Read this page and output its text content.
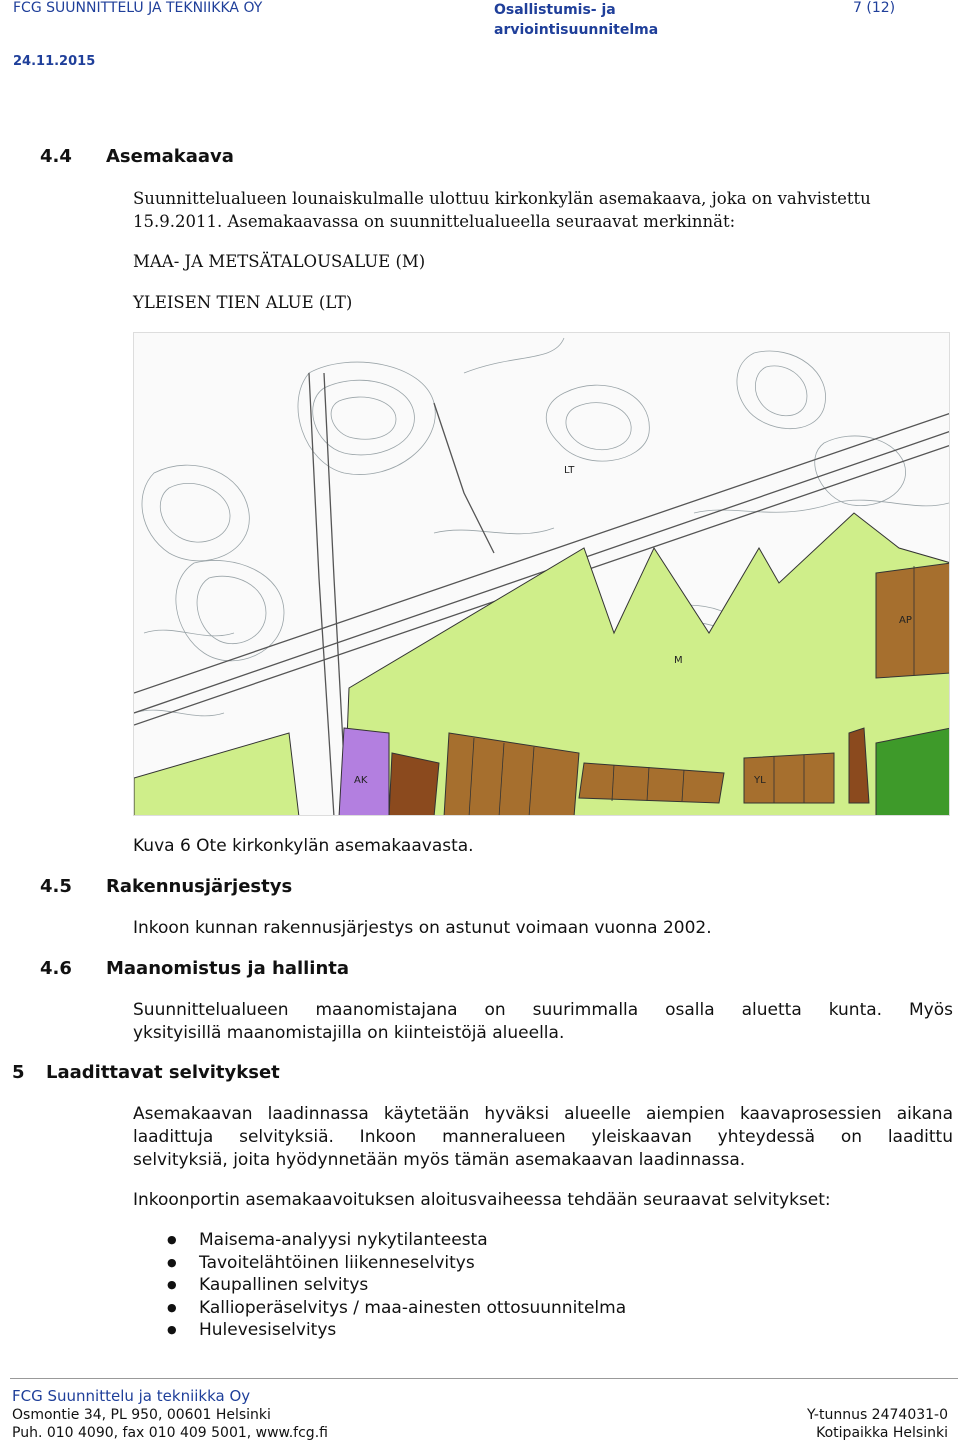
FCG SUUNNITTELU JA TEKNIIKKA OY	Osallistumis- ja
arviointisuunnitelma
7 (12)
24.11.2015
4.4 Asemakaava
Suunnittelualueen lounaiskulmalle ulottuu kirkonkylän asemakaava, joka on vahvistettu
15.9.2011. Asemakaavassa on suunnittelualueella seuraavat merkinnät:
MAA- JA METSÄTALOUSALUE (M)
YLEISEN TIEN ALUE (LT)
M
LT
AP
AK	YL
Kuva 6 Ote kirkonkylän asemakaavasta.
4.5 Rakennusjärjestys
Inkoon kunnan rakennusjärjestys on astunut voimaan vuonna 2002.
4.6 Maanomistus ja hallinta
Suunnittelualueen maanomistajana on suurimmalla osalla aluetta kunta. Myös
yksityisillä maanomistajilla on kiinteistöjä alueella.
5 Laadittavat selvitykset
Asemakaavan laadinnassa käytetään hyväksi alueelle aiempien kaavaprosessien aikana
laadittuja selvityksiä. Inkoon manneralueen yleiskaavan yhteydessä on laadittu
selvityksiä, joita hyödynnetään myös tämän asemakaavan laadinnassa.
Inkoonportin asemakaavoituksen aloitusvaiheessa tehdään seuraavat selvitykset:
● Maisema-analyysi nykytilanteesta
● Tavoitelähtöinen liikenneselvitys
● Kaupallinen selvitys
● Kallioperäselvitys / maa-ainesten ottosuunnitelma
● Hulevesiselvitys
FCG Suunnittelu ja tekniikka Oy
Osmontie 34, PL 950, 00601 Helsinki
Puh. 010 4090, fax 010 409 5001, www.fcg.fi
Y-tunnus 2474031-0
Kotipaikka Helsinki
